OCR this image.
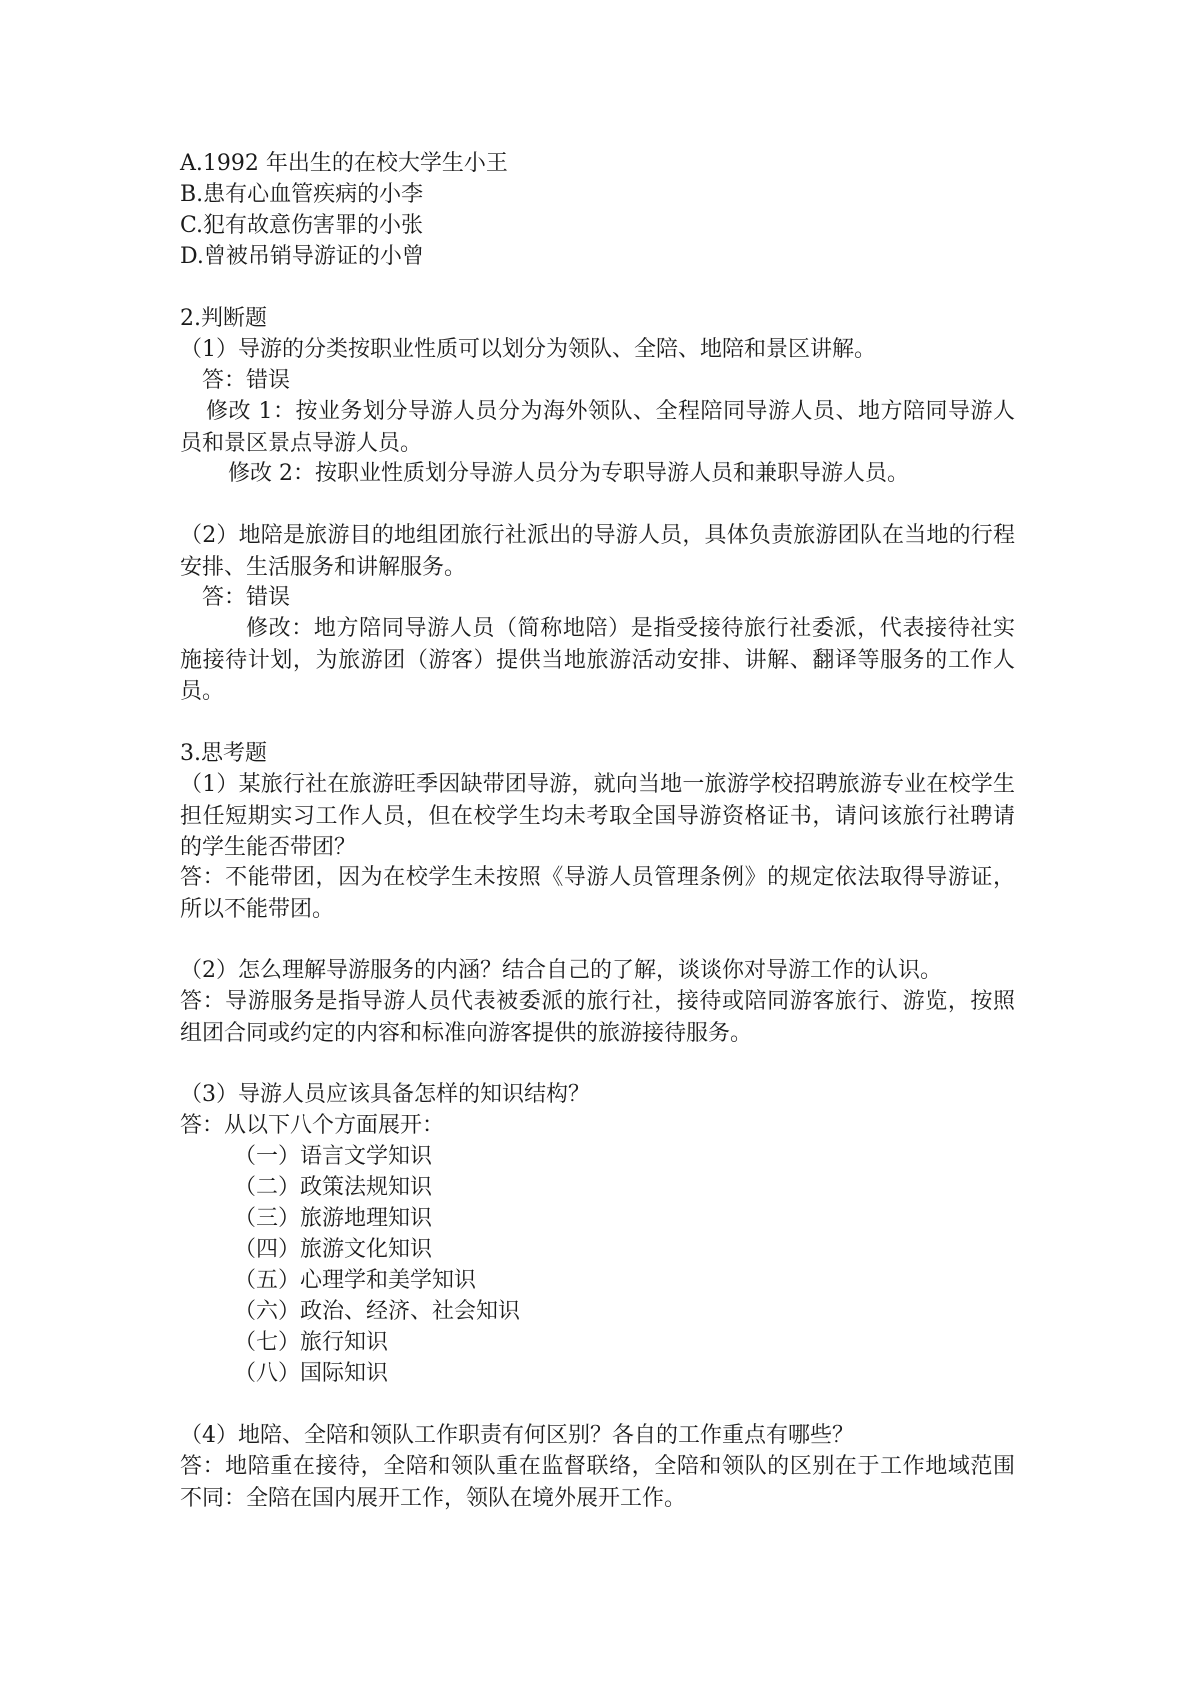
A.1992 年出生的在校大学生小王
B.患有心血管疾病的小李
C.犯有故意伤害罪的小张
D.曾被吊销导游证的小曾
2.判断题
（1）导游的分类按职业性质可以划分为领队、全陪、地陪和景区讲解。
答：错误
修改 1：按业务划分导游人员分为海外领队、全程陪同导游人员、地方陪同导游人员和景区景点导游人员。
修改 2：按职业性质划分导游人员分为专职导游人员和兼职导游人员。
（2）地陪是旅游目的地组团旅行社派出的导游人员，具体负责旅游团队在当地的行程安排、生活服务和讲解服务。
答：错误
修改：地方陪同导游人员（简称地陪）是指受接待旅行社委派，代表接待社实施接待计划，为旅游团（游客）提供当地旅游活动安排、讲解、翻译等服务的工作人员。
3.思考题
（1）某旅行社在旅游旺季因缺带团导游，就向当地一旅游学校招聘旅游专业在校学生担任短期实习工作人员，但在校学生均未考取全国导游资格证书，请问该旅行社聘请的学生能否带团？
答：不能带团，因为在校学生未按照《导游人员管理条例》的规定依法取得导游证，所以不能带团。
（2）怎么理解导游服务的内涵？结合自己的了解，谈谈你对导游工作的认识。
答：导游服务是指导游人员代表被委派的旅行社，接待或陪同游客旅行、游览，按照组团合同或约定的内容和标准向游客提供的旅游接待服务。
（3）导游人员应该具备怎样的知识结构？
答：从以下八个方面展开：
（一）语言文学知识
（二）政策法规知识
（三）旅游地理知识
（四）旅游文化知识
（五）心理学和美学知识
（六）政治、经济、社会知识
（七）旅行知识
（八）国际知识
（4）地陪、全陪和领队工作职责有何区别？各自的工作重点有哪些？
答：地陪重在接待，全陪和领队重在监督联络，全陪和领队的区别在于工作地域范围不同：全陪在国内展开工作，领队在境外展开工作。
